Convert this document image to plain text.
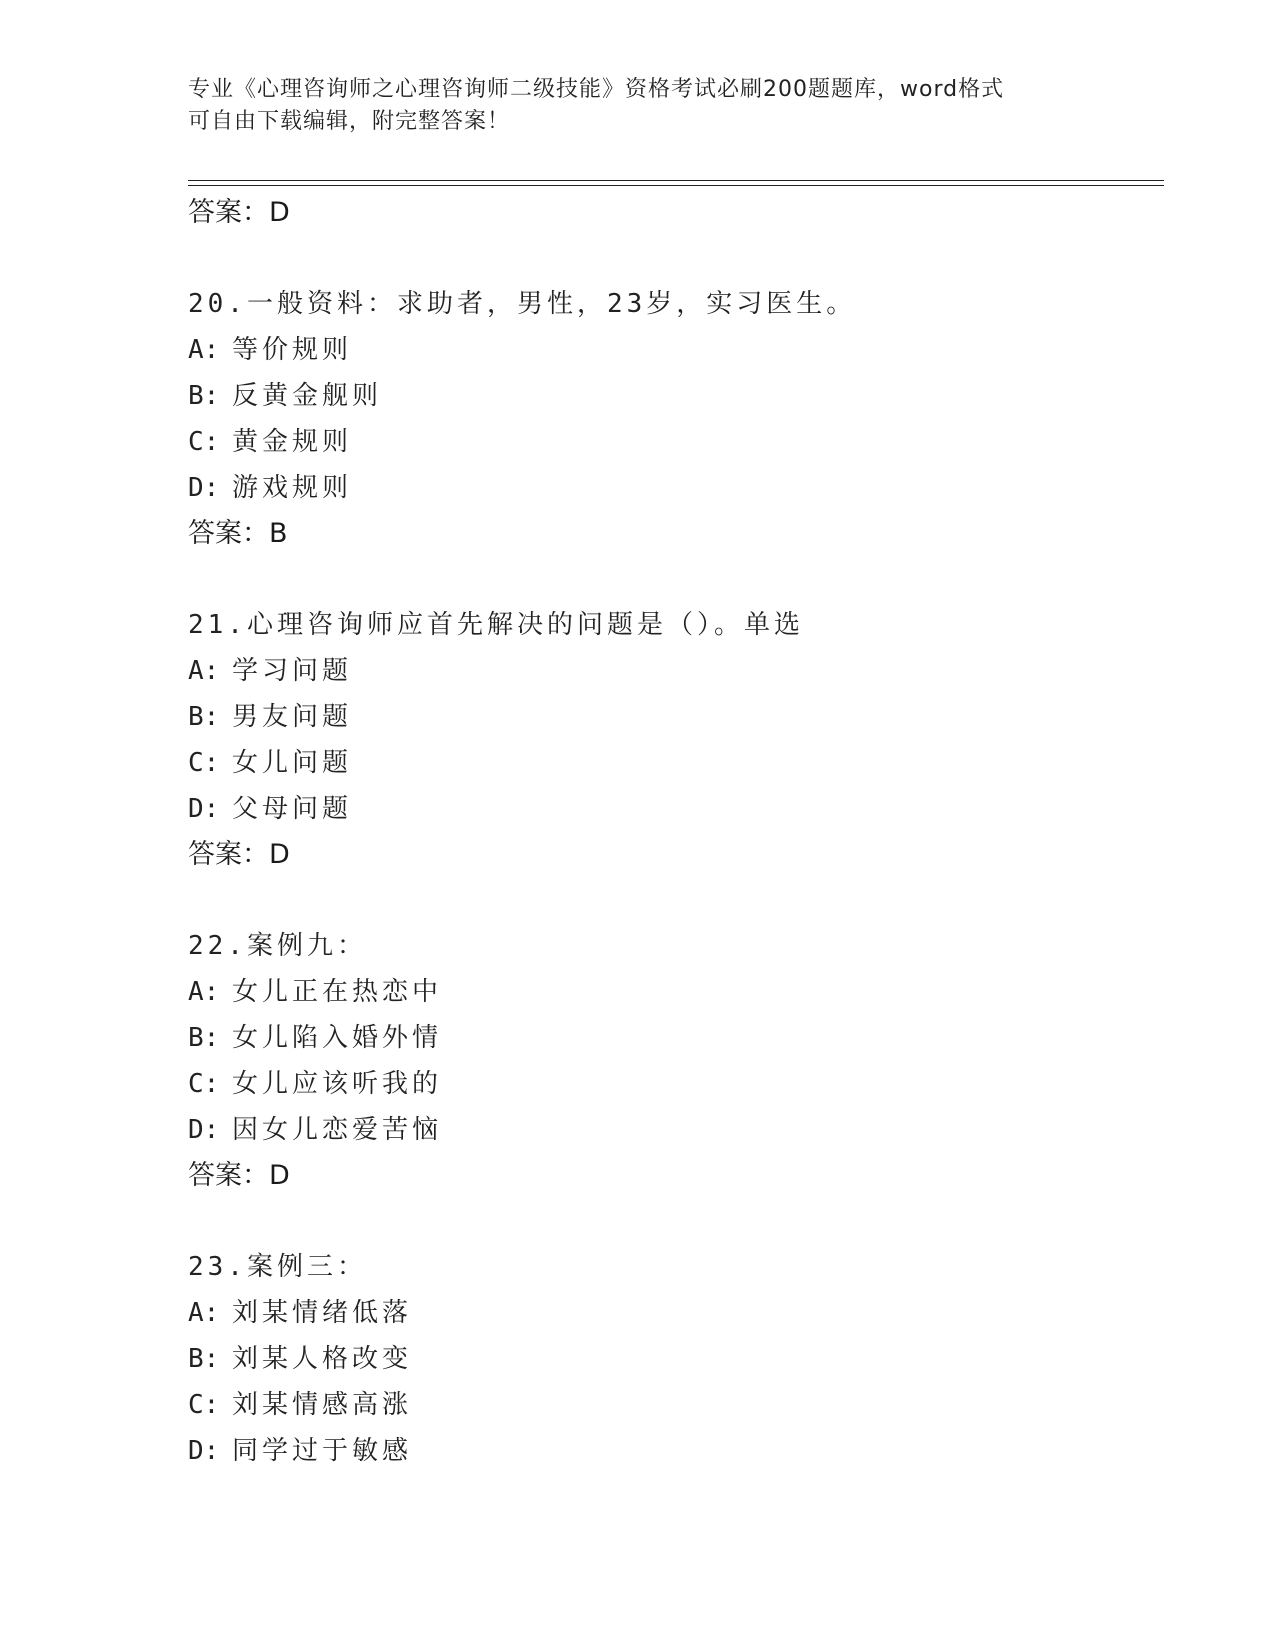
专业《心理咨询师之心理咨询师二级技能》资格考试必刷200题题库，word格式
可自由下载编辑，附完整答案！
答案：D
20.一般资料：求助者，男性，23岁，实习医生。
A: 等价规则
B: 反黄金舰则
C: 黄金规则
D: 游戏规则
答案：B
21.心理咨询师应首先解决的问题是（）。单选
A: 学习问题
B: 男友问题
C: 女儿问题
D: 父母问题
答案：D
22.案例九：
A: 女儿正在热恋中
B: 女儿陷入婚外情
C: 女儿应该听我的
D: 因女儿恋爱苦恼
答案：D
23.案例三：
A: 刘某情绪低落
B: 刘某人格改变
C: 刘某情感高涨
D: 同学过于敏感
